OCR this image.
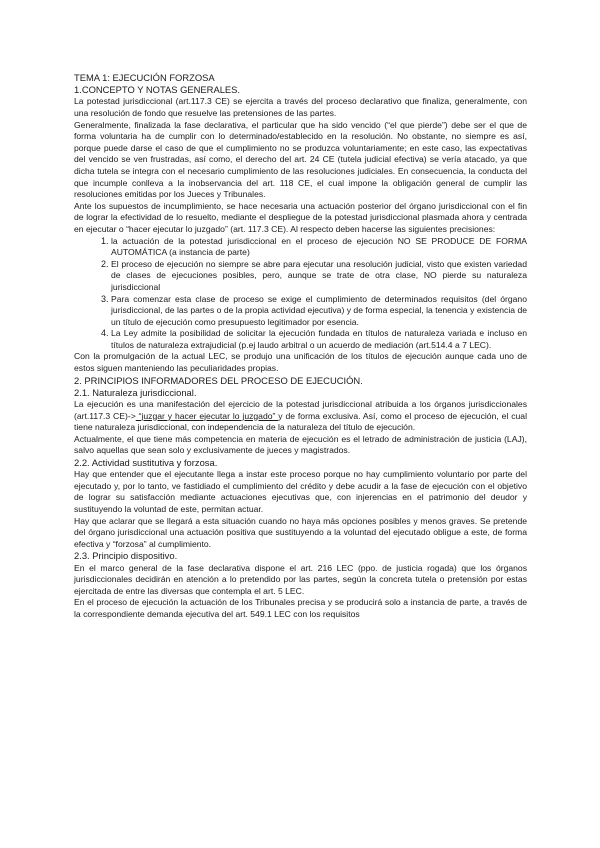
TEMA 1: EJECUCIÓN FORZOSA

1.CONCEPTO Y NOTAS GENERALES.

La potestad jurisdiccional (art.117.3 CE) se ejercita a través del proceso declarativo que finaliza, generalmente, con una resolución de fondo que resuelve las pretensiones de las partes.

Generalmente, finalizada la fase declarativa, el particular que ha sido vencido (“el que pierde”) debe ser el que de forma voluntaria ha de cumplir con lo determinado/establecido en la resolución. No obstante, no siempre es así, porque puede darse el caso de que el cumplimiento no se produzca voluntariamente; en este caso, las expectativas del vencido se ven frustradas, así como, el derecho del art. 24 CE (tutela judicial efectiva) se vería atacado, ya que dicha tutela se integra con el necesario cumplimiento de las resoluciones judiciales. En consecuencia, la conducta del que incumple conlleva a la inobservancia del art. 118 CE, el cual impone la obligación general de cumplir las resoluciones emitidas por los Jueces y Tribunales.

Ante los supuestos de incumplimiento, se hace necesaria una actuación posterior del órgano jurisdiccional con el fin de lograr la efectividad de lo resuelto, mediante el despliegue de la potestad jurisdiccional plasmada ahora y centrada en ejecutar o “hacer ejecutar lo juzgado” (art. 117.3 CE). Al respecto deben hacerse las siguientes precisiones:

1. la actuación de la potestad jurisdiccional en el proceso de ejecución NO SE PRODUCE DE FORMA AUTOMÁTICA (a instancia de parte)
2. El proceso de ejecución no siempre se abre para ejecutar una resolución judicial, visto que existen variedad de clases de ejecuciones posibles, pero, aunque se trate de otra clase, NO pierde su naturaleza jurisdiccional
3. Para comenzar esta clase de proceso se exige el cumplimiento de determinados requisitos (del órgano jurisdiccional, de las partes o de la propia actividad ejecutiva) y de forma especial, la tenencia y existencia de un título de ejecución como presupuesto legitimador por esencia.
4. La Ley admite la posibilidad de solicitar la ejecución fundada en títulos de naturaleza variada e incluso en títulos de naturaleza extrajudicial (p.ej laudo arbitral o un acuerdo de mediación (art.514.4 a 7 LEC).

Con la promulgación de la actual LEC, se produjo una unificación de los títulos de ejecución aunque cada uno de estos siguen manteniendo las peculiaridades propias.

2. PRINCIPIOS INFORMADORES DEL PROCESO DE EJECUCIÓN.

2.1. Naturaleza jurisdiccional.

La ejecución es una manifestación del ejercicio de la potestad jurisdiccional atribuida a los órganos jurisdiccionales (art.117.3 CE)-> “juzgar y hacer ejecutar lo juzgado” y de forma exclusiva. Así, como el proceso de ejecución, el cual tiene naturaleza jurisdiccional, con independencia de la naturaleza del título de ejecución.

Actualmente, el que tiene más competencia en materia de ejecución es el letrado de administración de justicia (LAJ), salvo aquellas que sean solo y exclusivamente de jueces y magistrados.

2.2. Actividad sustitutiva y forzosa.

Hay que entender que el ejecutante llega a instar este proceso porque no hay cumplimiento voluntario por parte del ejecutado y, por lo tanto, ve fastidiado el cumplimiento del crédito y debe acudir a la fase de ejecución con el objetivo de lograr su satisfacción mediante actuaciones ejecutivas que, con injerencias en el patrimonio del deudor y sustituyendo la voluntad de este, permitan actuar.

Hay que aclarar que se llegará a esta situación cuando no haya más opciones posibles y menos graves. Se pretende del órgano jurisdiccional una actuación positiva que sustituyendo a la voluntad del ejecutado obligue a este, de forma efectiva y “forzosa” al cumplimiento.

2.3. Principio dispositivo.

En el marco general de la fase declarativa dispone el art. 216 LEC (ppo. de justicia rogada) que los órganos jurisdiccionales decidirán en atención a lo pretendido por las partes, según la concreta tutela o pretensión por estas ejercitada de entre las diversas que contempla el art. 5 LEC.

En el proceso de ejecución la actuación de los Tribunales precisa y se producirá solo a instancia de parte, a través de la correspondiente demanda ejecutiva del art. 549.1 LEC con los requisitos
